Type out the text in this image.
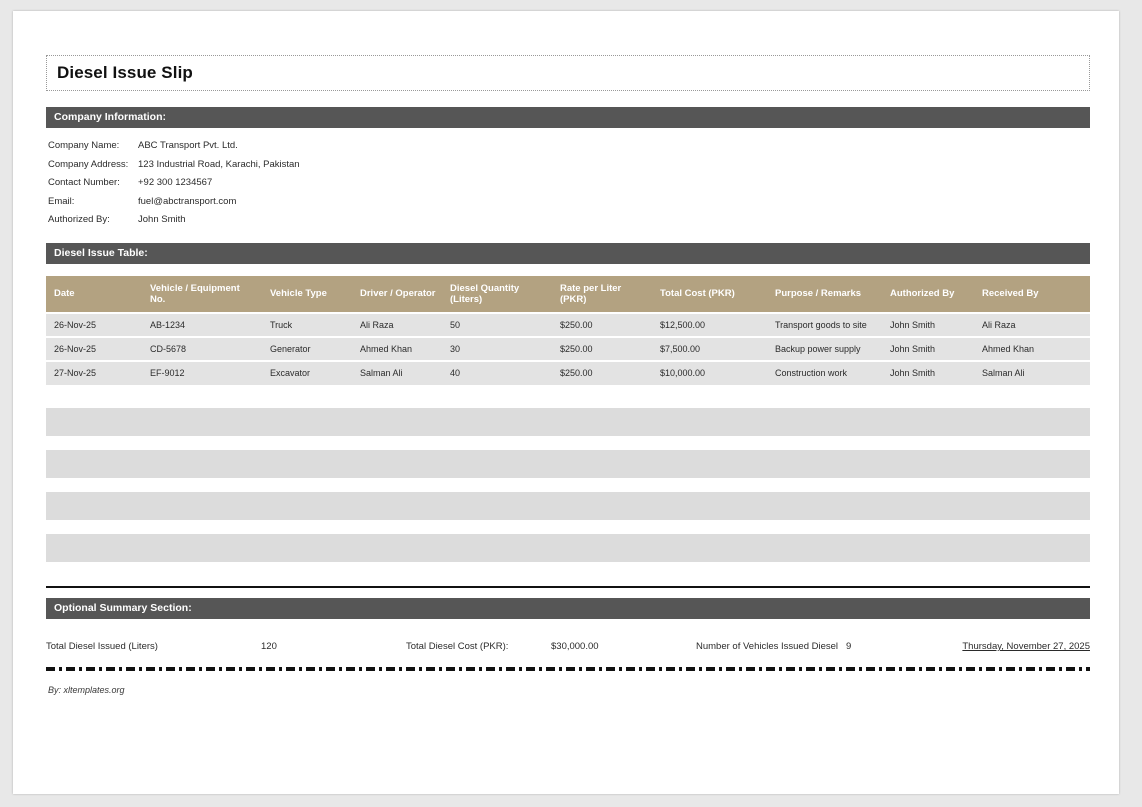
Diesel Issue Slip
Company Information:
Company Name:	ABC Transport Pvt. Ltd.
Company Address:	123 Industrial Road, Karachi, Pakistan
Contact Number:	+92 300 1234567
Email:	fuel@abctransport.com
Authorized By:	John Smith
Diesel Issue Table:
Date	Vehicle / Equipment No.	Vehicle Type	Driver / Operator	Diesel Quantity (Liters)	Rate per Liter (PKR)	Total Cost (PKR)	Purpose / Remarks	Authorized By	Received By
26-Nov-25	AB-1234	Truck	Ali Raza	50	$250.00	$12,500.00	Transport goods to site	John Smith	Ali Raza
26-Nov-25	CD-5678	Generator	Ahmed Khan	30	$250.00	$7,500.00	Backup power supply	John Smith	Ahmed Khan
27-Nov-25	EF-9012	Excavator	Salman Ali	40	$250.00	$10,000.00	Construction work	John Smith	Salman Ali
Optional Summary Section:
Total Diesel Issued (Liters)	120	Total Diesel Cost (PKR):	$30,000.00	Number of Vehicles Issued Diesel 9	Thursday, November 27, 2025
By: xltemplates.org
